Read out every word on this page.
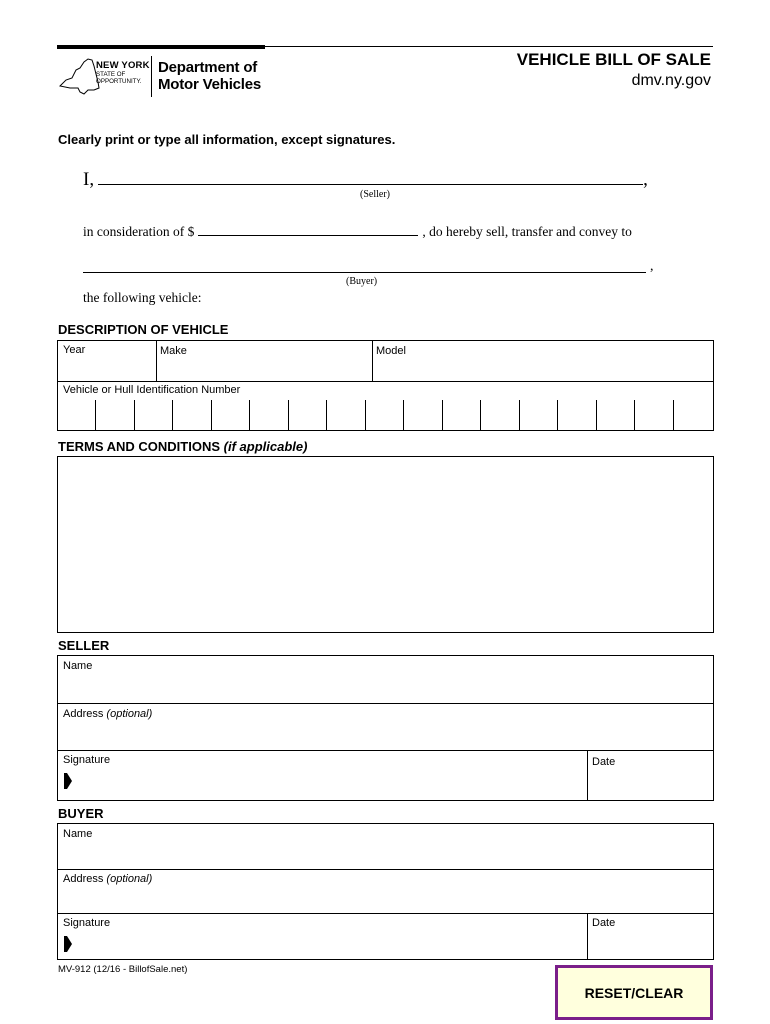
NEW YORK
STATE OF
OPPORTUNITY.
Department of
Motor Vehicles
VEHICLE BILL OF SALE
dmv.ny.gov
Clearly print or type all information, except signatures.
I,	,
(Seller)
in consideration of $	, do hereby sell, transfer and convey to
,
(Buyer)
the following vehicle:
DESCRIPTION OF VEHICLE
Year	Make	Model
Vehicle or Hull Identification Number
TERMS AND CONDITIONS (if applicable)
SELLER
Name
Address (optional)
Signature	Date
BUYER
Name
Address (optional)
Signature	Date
MV-912 (12/16 - BillofSale.net)
RESET/CLEAR
